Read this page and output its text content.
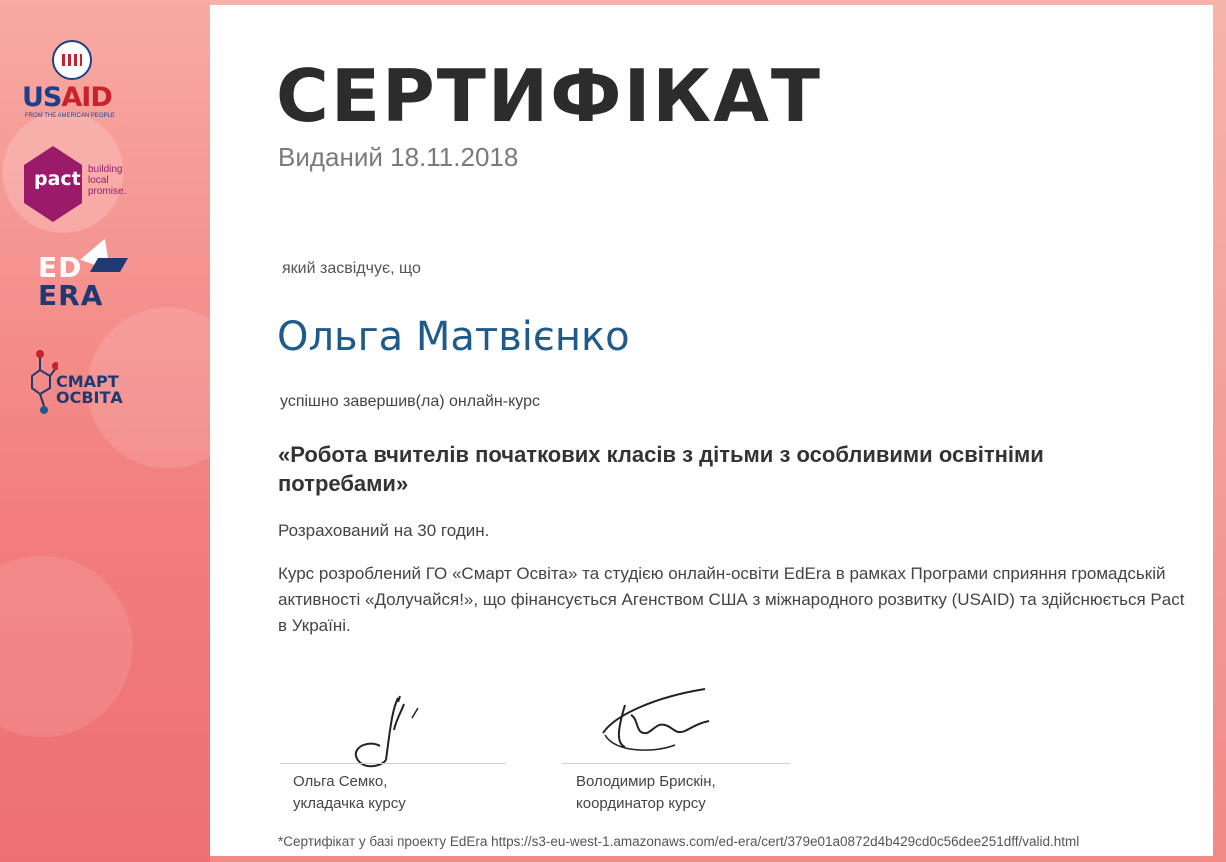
USAID
FROM THE AMERICAN PEOPLE
pact building
local
promise.
ED
ERA
СМАРТ
ОСВІТА
СЕРТИФІКАТ
Виданий 18.11.2018
який засвідчує, що
Ольга Матвієнко
успішно завершив(ла) онлайн-курс
«Робота вчителів початкових класів з дітьми з особливими освітніми потребами»
Розрахований на 30 годин.
Курс розроблений ГО «Смарт Освіта» та студією онлайн-освіти EdEra в рамках Програми сприяння громадській активності «Долучайся!», що фінансується Агенством США з міжнародного розвитку (USAID) та здійснюється Pact в Україні.
Ольга Семко,
укладачка курсу
Володимир Брискін,
координатор курсу
*Сертифікат у базі проекту EdEra https://s3-eu-west-1.amazonaws.com/ed-era/cert/379e01a0872d4b429cd0c56dee251dff/valid.html
